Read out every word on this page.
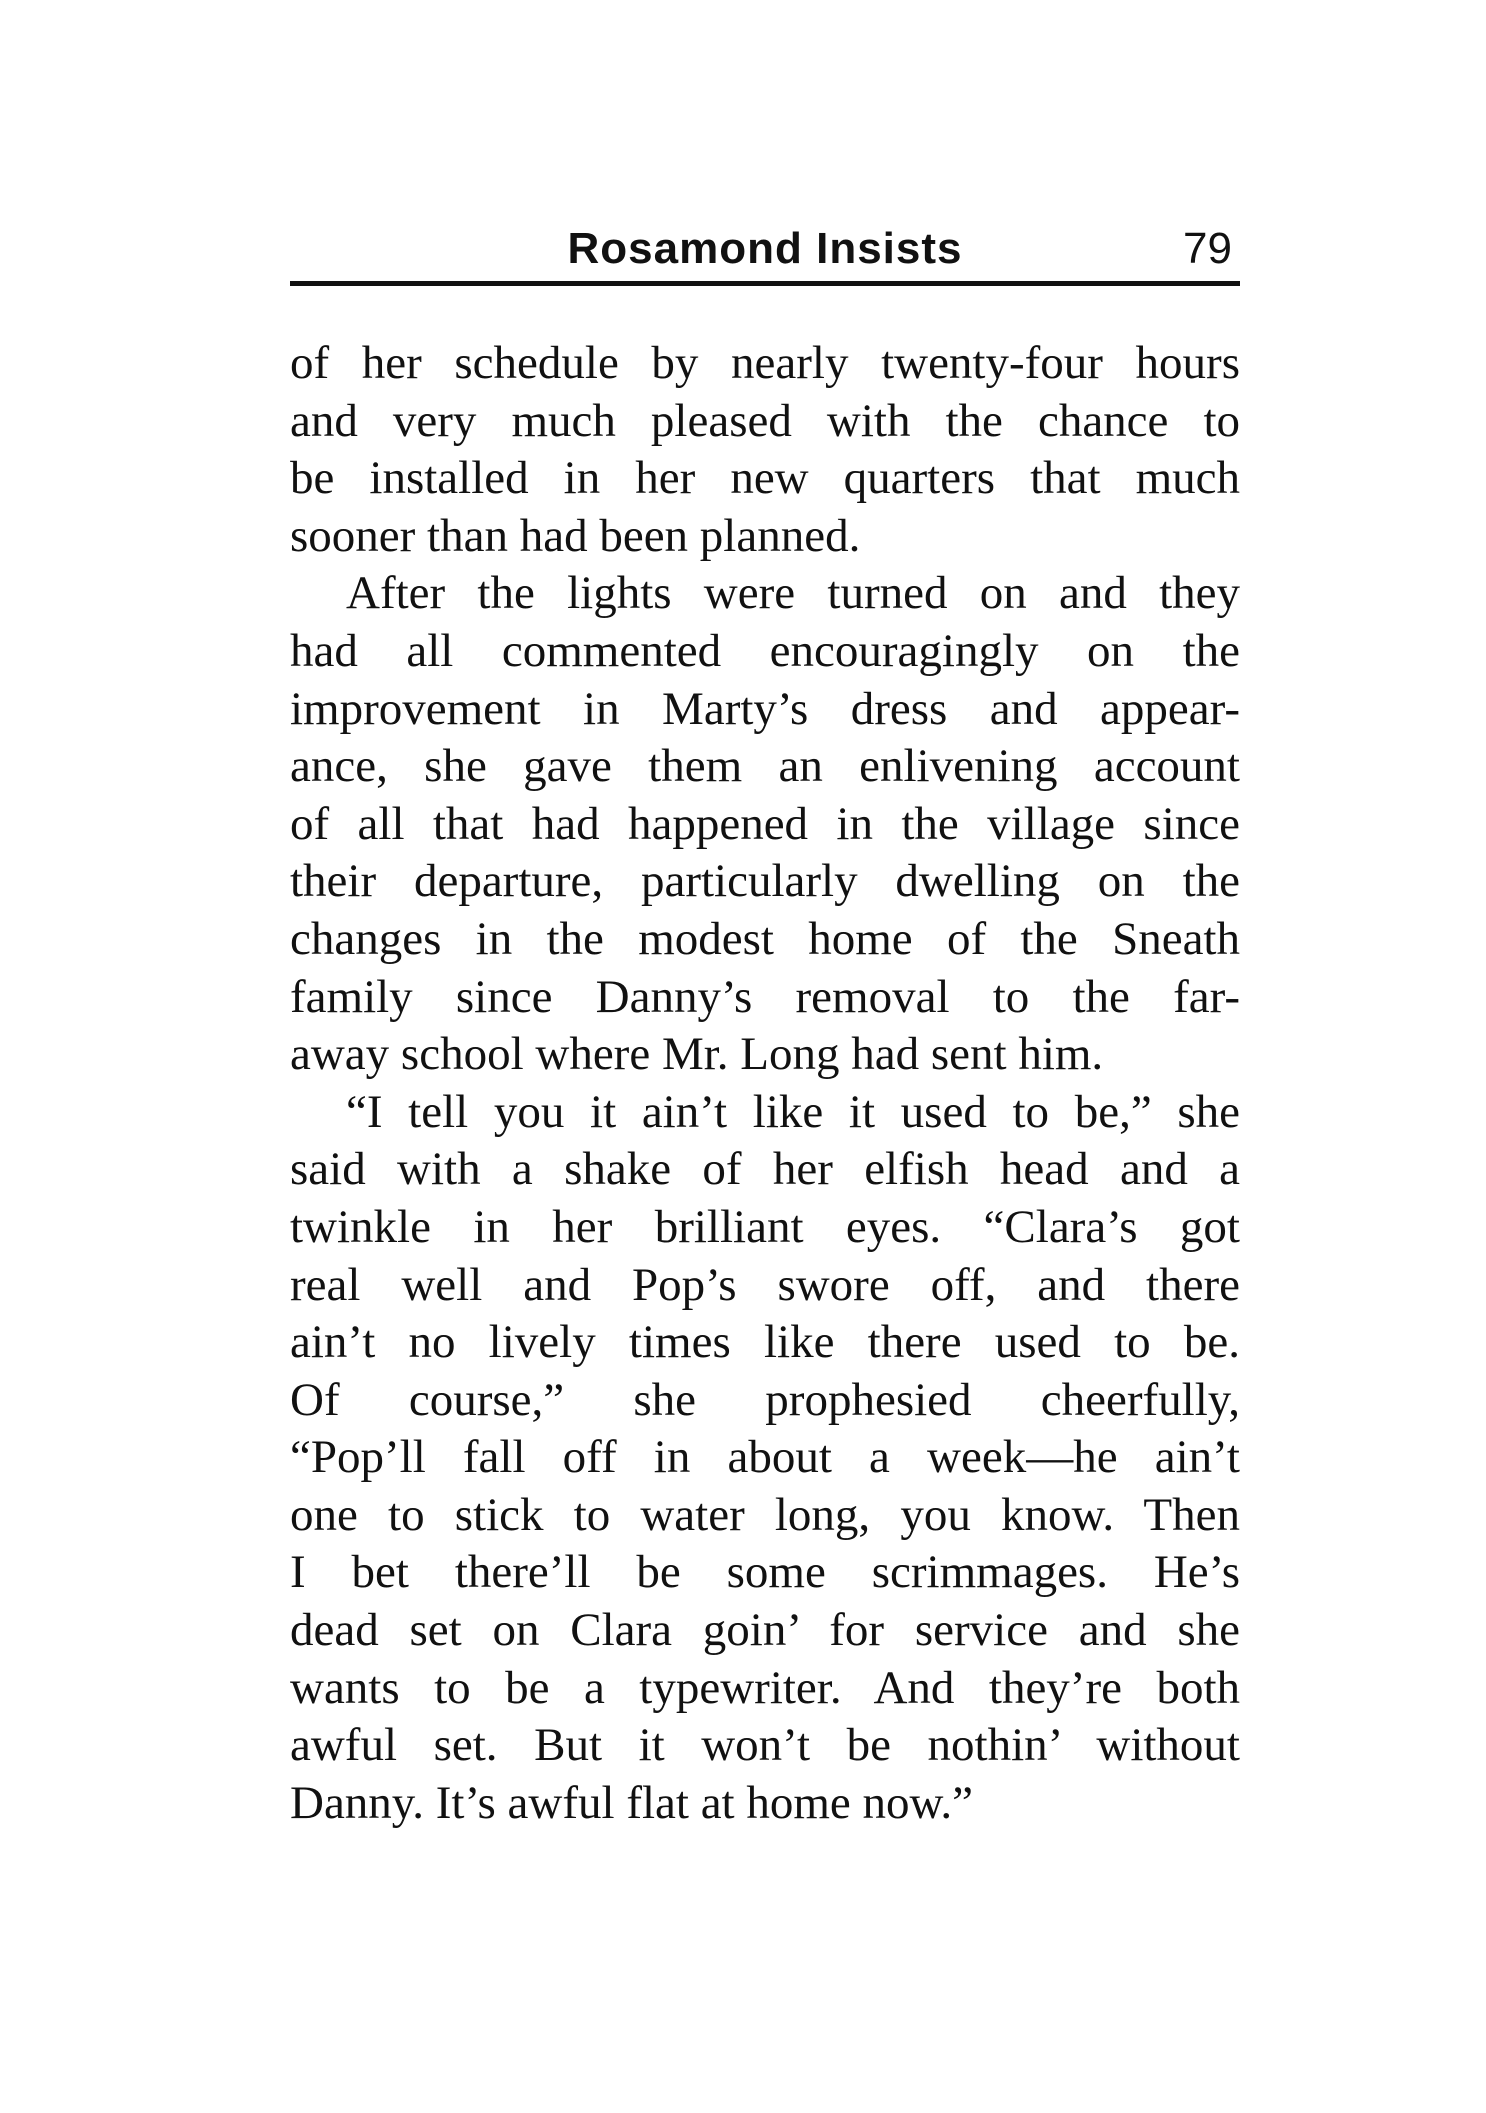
Rosamond Insists	79
of her schedule by nearly twenty-four hours
and very much pleased with the chance to
be installed in her new quarters that much
sooner than had been planned.
After the lights were turned on and they
had all commented encouragingly on the
improvement in Marty’s dress and appear-
ance, she gave them an enlivening account
of all that had happened in the village since
their departure, particularly dwelling on the
changes in the modest home of the Sneath
family since Danny’s removal to the far-
away school where Mr. Long had sent him.
“I tell you it ain’t like it used to be,” she
said with a shake of her elfish head and a
twinkle in her brilliant eyes. “Clara’s got
real well and Pop’s swore off, and there
ain’t no lively times like there used to be.
Of course,” she prophesied cheerfully,
“Pop’ll fall off in about a week—he ain’t
one to stick to water long, you know. Then
I bet there’ll be some scrimmages. He’s
dead set on Clara goin’ for service and she
wants to be a typewriter. And they’re both
awful set. But it won’t be nothin’ without
Danny. It’s awful flat at home now.”
